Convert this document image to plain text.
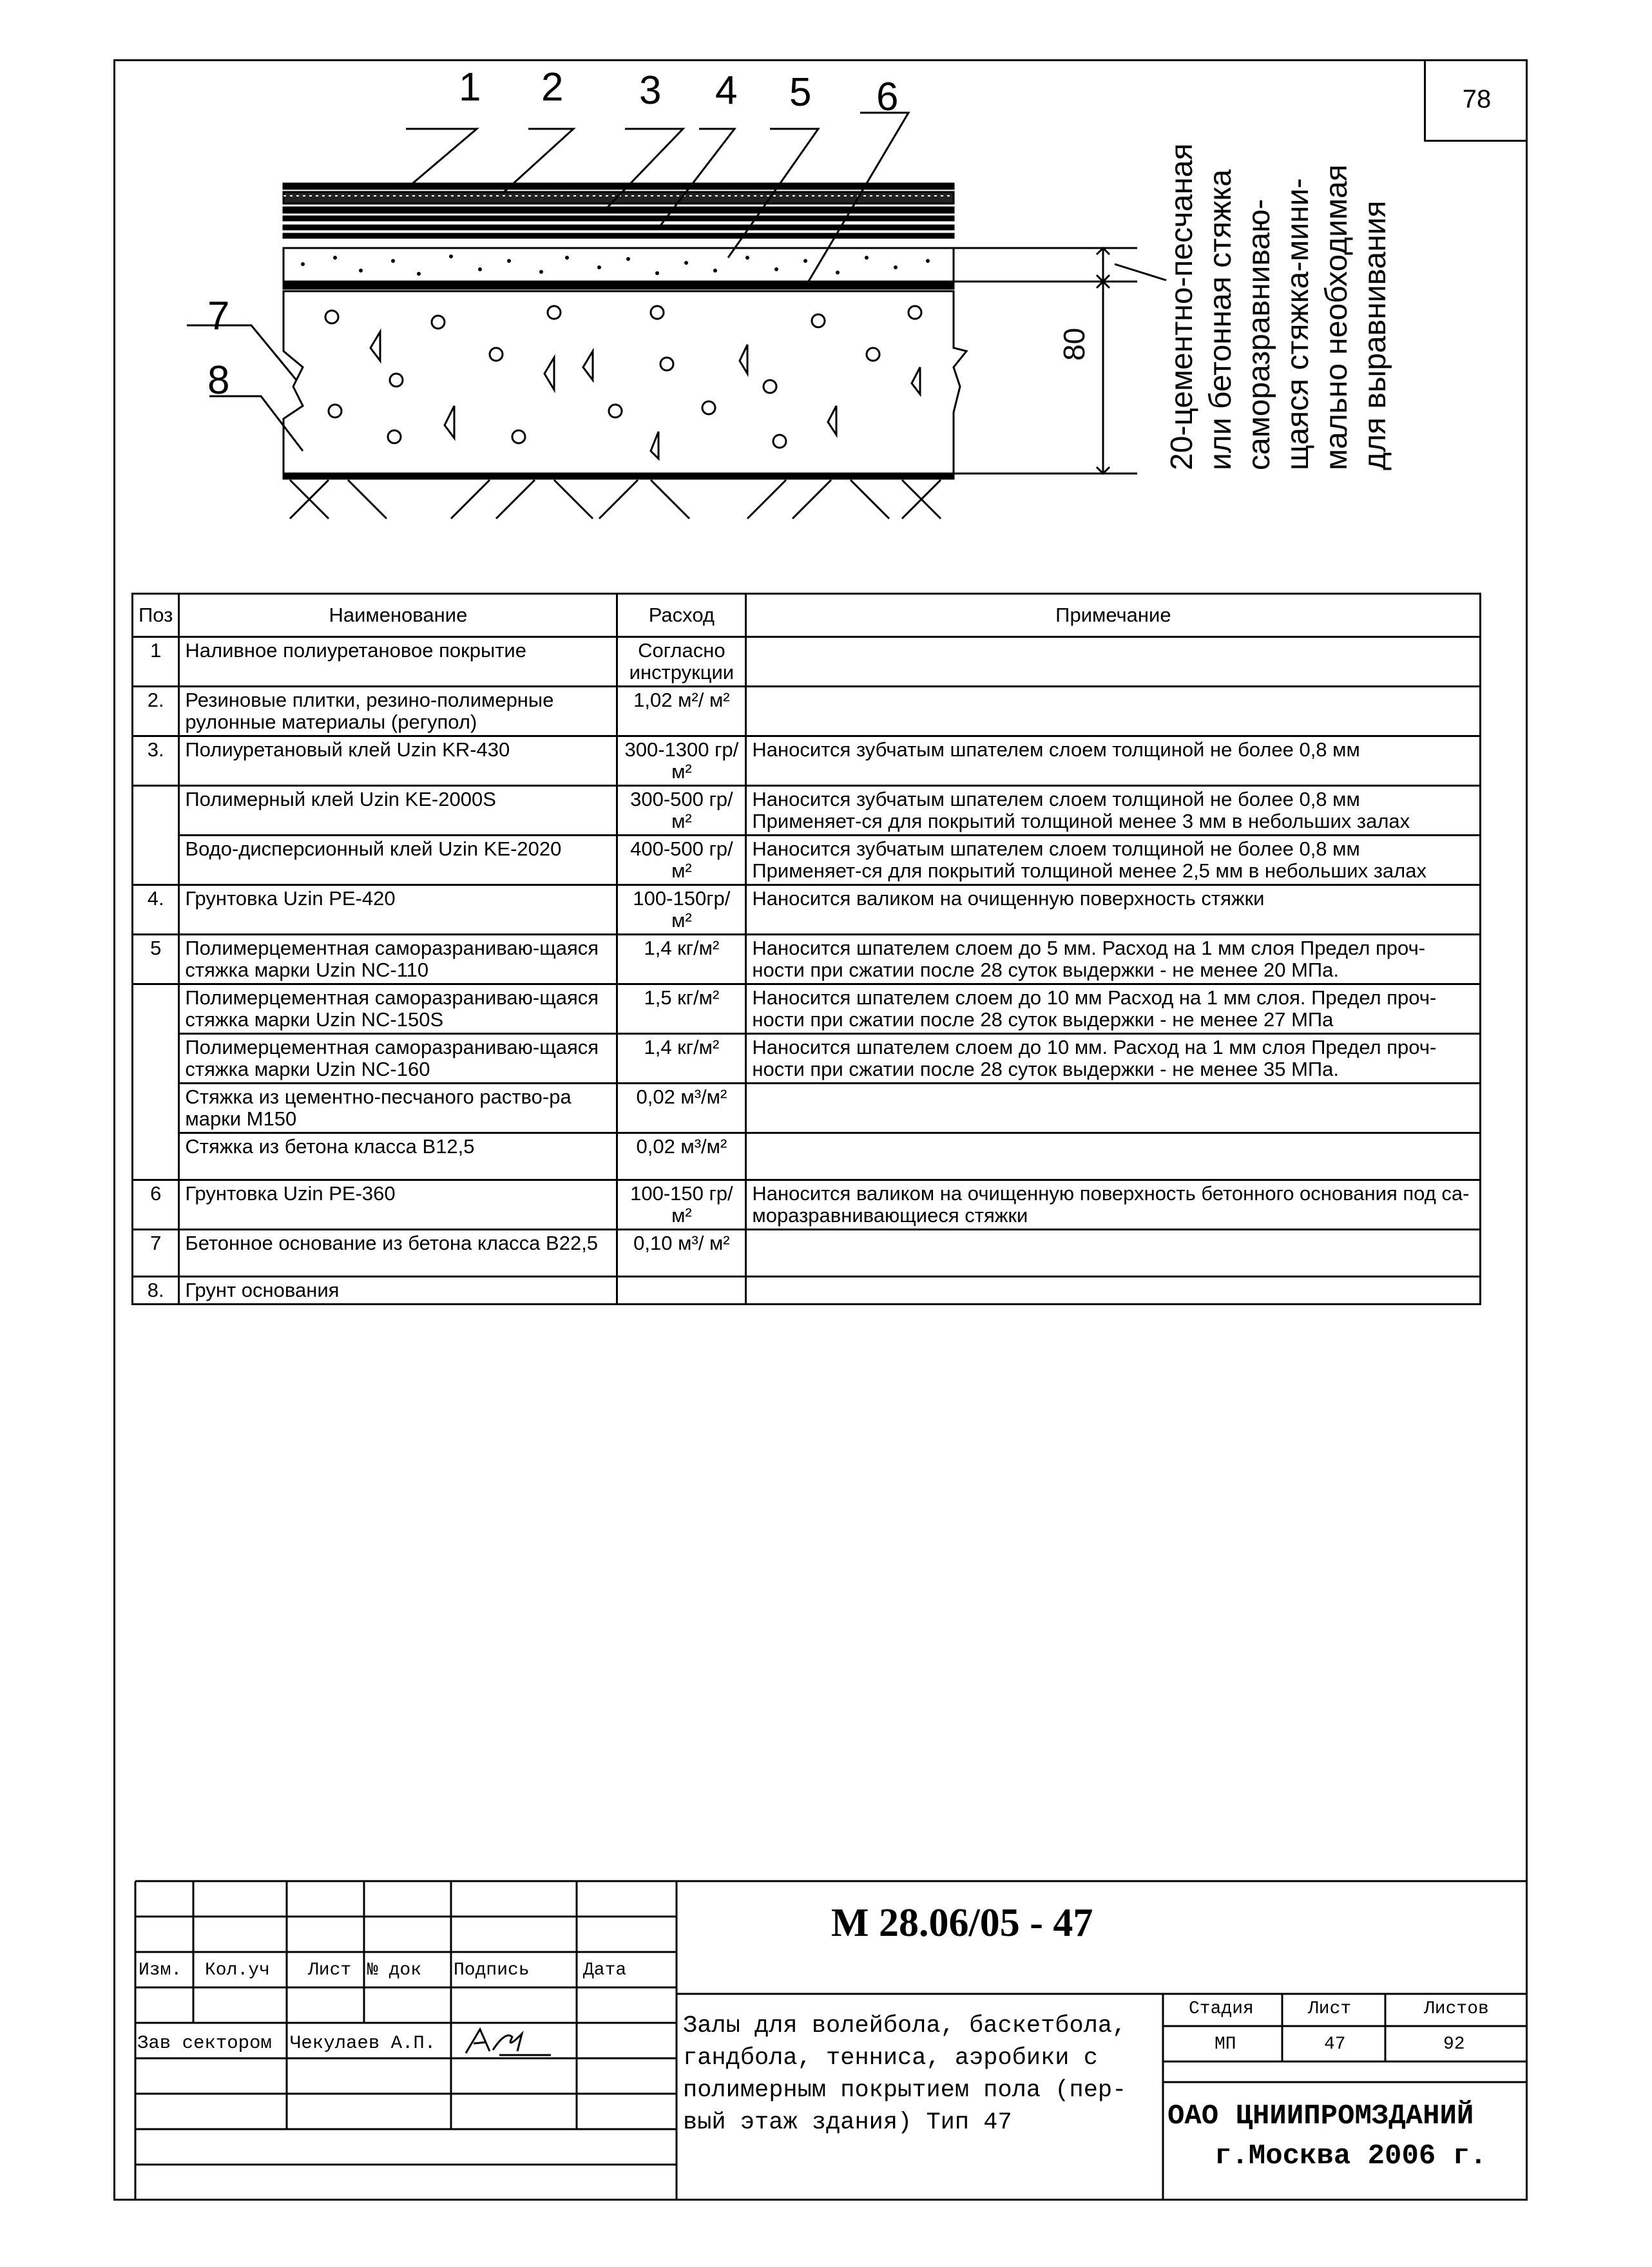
78
1 2 3 4 5 6
7
8
80 20-цементно-песчаная или бетонная стяжка саморазравниваю- щаяся стяжка-мини- мально необходимая для выравнивания
Поз	Наименование	Расход	Примечание
1	Наливное полиуретановое покрытие	Согласно инструкции	
2.	Резиновые плитки, резино-полимерные рулонные материалы (регупол)	1,02 м²/ м²	
3.	Полиуретановый клей Uzin KR-430	300-1300 гр/м²	Наносится зубчатым шпателем слоем толщиной не более 0,8 мм
	Полимерный клей Uzin KE-2000S	300-500 гр/м²	Наносится зубчатым шпателем слоем толщиной не более 0,8 мм Применяет-ся для покрытий толщиной менее 3 мм в небольших залах
	Водо-дисперсионный клей Uzin KE-2020	400-500 гр/м²	Наносится зубчатым шпателем слоем толщиной не более 0,8 мм Применяет-ся для покрытий толщиной менее 2,5 мм в небольших залах
4.	Грунтовка Uzin PE-420	100-150гр/м²	Наносится валиком на очищенную поверхность стяжки
5	Полимерцементная саморазраниваю-щаяся стяжка марки Uzin NC-110	1,4 кг/м²	Наносится шпателем слоем до 5 мм. Расход на 1 мм слоя Предел проч-ности при сжатии после 28 суток выдержки - не менее 20 МПа.
	Полимерцементная саморазраниваю-щаяся стяжка марки Uzin NC-150S	1,5 кг/м²	Наносится шпателем слоем до 10 мм Расход на 1 мм слоя. Предел проч-ности при сжатии после 28 суток выдержки - не менее 27 МПа
	Полимерцементная саморазраниваю-щаяся стяжка марки Uzin NC-160	1,4 кг/м²	Наносится шпателем слоем до 10 мм. Расход на 1 мм слоя Предел проч-ности при сжатии после 28 суток выдержки - не менее 35 МПа.
	Стяжка из цементно-песчаного раство-ра марки М150	0,02 м³/м²	
	Стяжка из бетона класса В12,5	0,02 м³/м²	
6	Грунтовка Uzin PE-360	100-150 гр/м²	Наносится валиком на очищенную поверхность бетонного основания под са-моразравнивающиеся стяжки
7	Бетонное основание из бетона класса В22,5	0,10 м³/ м²	
8.	Грунт основания		
М 28.06/05 - 47
Изм. Кол.уч Лист № док Подпись	Дата
Зав сектором Чекулаев А.П.
Залы для волейбола, баскетбола, гандбола, тенниса, аэробики с полимерным покрытием пола (пер-вый этаж здания) Тип 47
Стадия	Лист	Листов
МП	47	92
ОАО ЦНИИПРОМЗДАНИЙ
г.Москва 2006 г.
